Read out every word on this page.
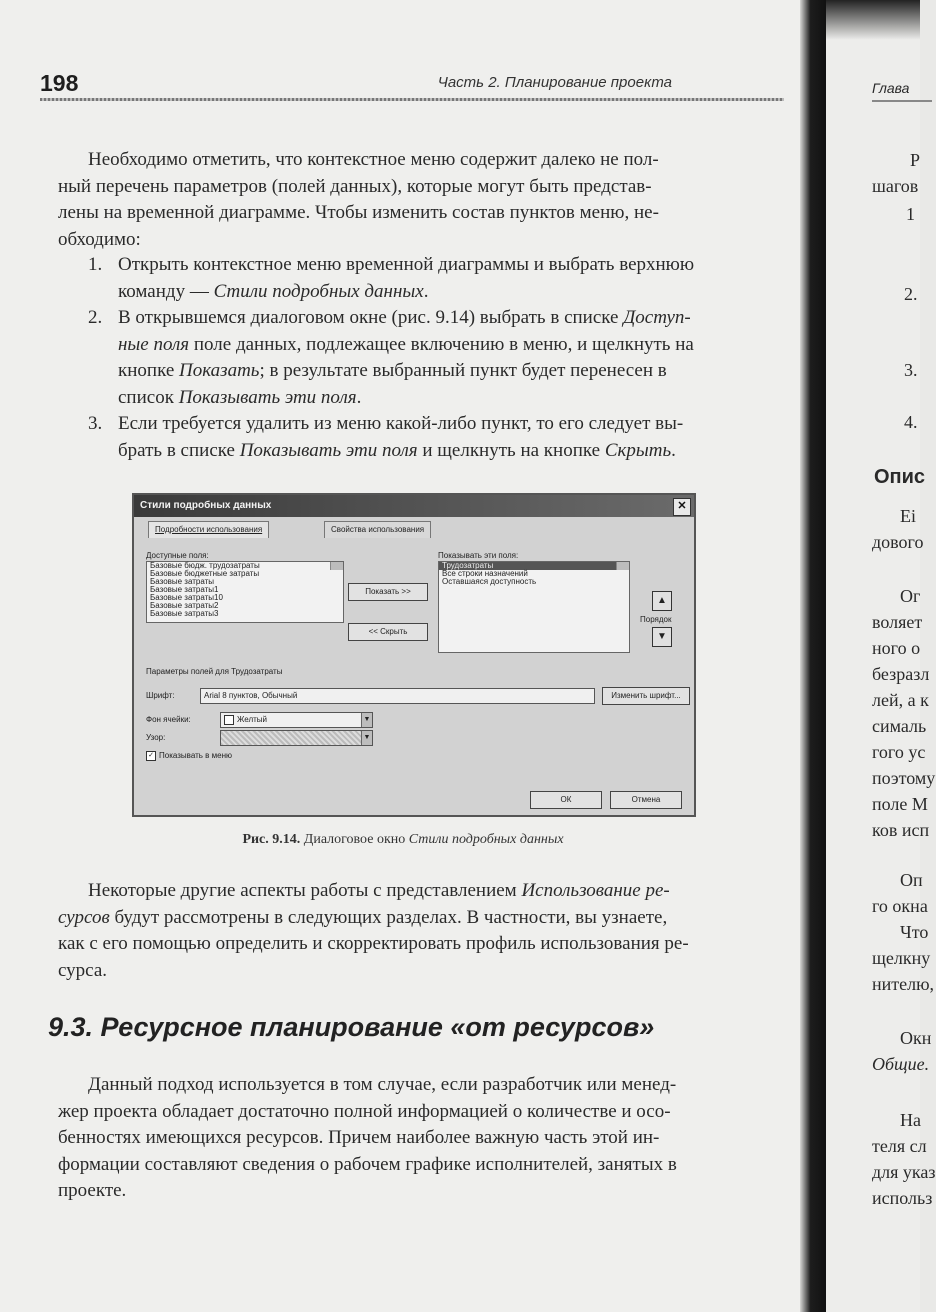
198	Часть 2. Планирование проекта

Необходимо отметить, что контекстное меню содержит далеко не пол-

ный перечень параметров (полей данных), которые могут быть представ-

лены на временной диаграмме. Чтобы изменить состав пунктов меню, не-

обходимо:

1. Открыть контекстное меню временной диаграммы и выбрать верхнюю
команду — Стили подробных данных.
2. В открывшемся диалоговом окне (рис. 9.14) выбрать в списке Доступ-
ные поля поле данных, подлежащее включению в меню, и щелкнуть на
кнопке Показать; в результате выбранный пункт будет перенесен в
список Показывать эти поля.
3. Если требуется удалить из меню какой-либо пункт, то его следует вы-
брать в списке Показывать эти поля и щелкнуть на кнопке Скрыть.
Стили подробных данных	✕
Подробности использования	Свойства использования
Доступные поля:
Базовые бюдж. трудозатраты
Базовые бюджетные затраты
Базовые затраты
Базовые затраты1
Базовые затраты10
Базовые затраты2
Базовые затраты3
Показать >>
<< Скрыть
Показывать эти поля:
Трудозатраты
Все строки назначений
Оставшаяся доступность
▲
Порядок
▼
Параметры полей для Трудозатраты
Шрифт:	Arial 8 пунктов, Обычный	Изменить шрифт...
Фон ячейки:	Желтый	▼
Узор:	▼
✓ Показывать в меню
ОК	Отмена
Рис. 9.14. Диалоговое окно Стили подробных данных

Некоторые другие аспекты работы с представлением Использование ре-

сурсов будут рассмотрены в следующих разделах. В частности, вы узнаете,

как с его помощью определить и скорректировать профиль использования ре-

сурса.

9.3. Ресурсное планирование «от ресурсов»

Данный подход используется в том случае, если разработчик или менед-

жер проекта обладает достаточно полной информацией о количестве и осо-

бенностях имеющихся ресурсов. Причем наиболее важную часть этой ин-

формации составляют сведения о рабочем графике исполнителей, занятых в

проекте.

Глава
Р
шагов
1
2.
3.
4.
Опис
Ei
дового
Oг
воляет
ного о
безразл
лей, а к
сималь
гого ус
поэтому
поле M
ков исп
Оп
го окна
Что
щелкну
нителю,
Окн
Общие.
На
теля сл
для указ
использ
